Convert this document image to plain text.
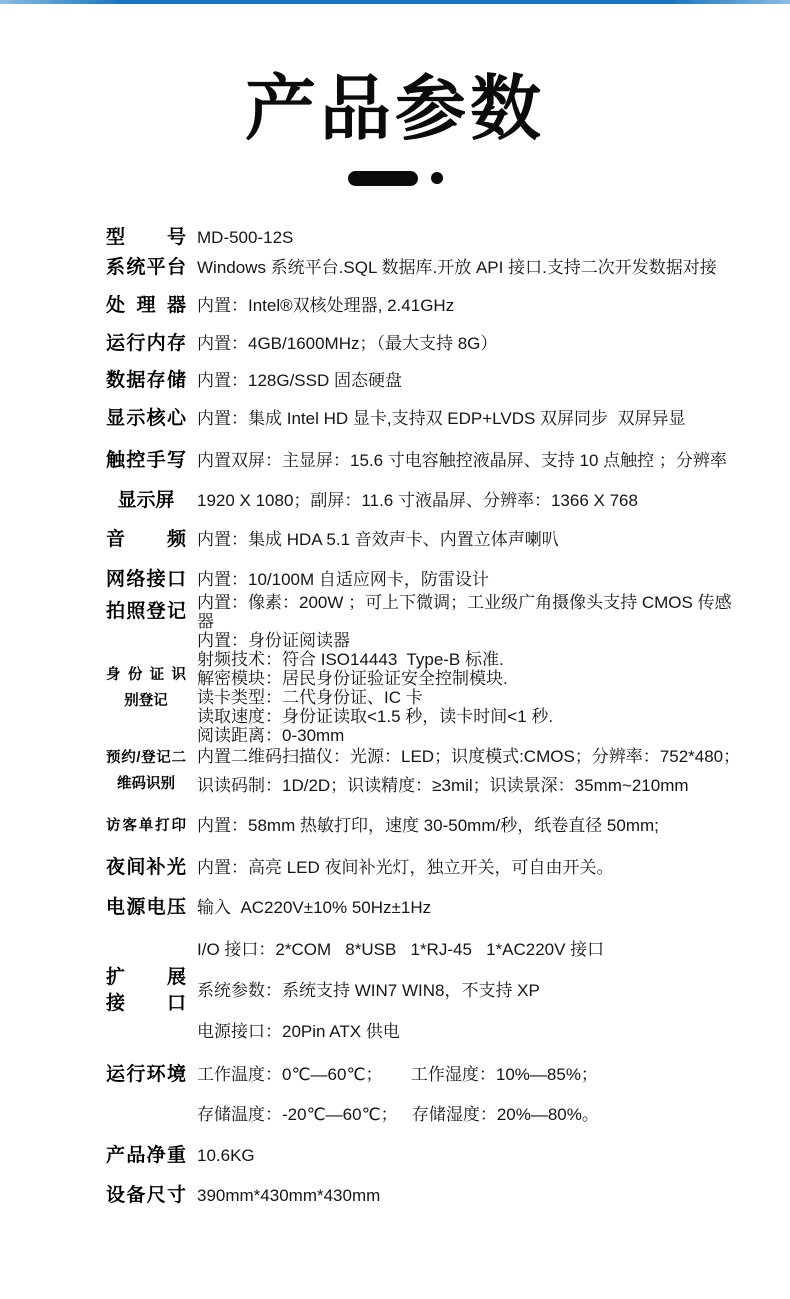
产品参数
型 号 MD-500-12S
系统平台 Windows 系统平台.SQL 数据库.开放 API 接口.支持二次开发数据对接
处 理 器 内置：Intel®双核处理器, 2.41GHz
运行内存 内置：4GB/1600MHz；（最大支持 8G）
数据存储 内置：128G/SSD 固态硬盘
显示核心 内置：集成 Intel HD 显卡,支持双 EDP+LVDS 双屏同步  双屏异显
触控手写 内置双屏：主显屏：15.6 寸电容触控液晶屏、支持 10 点触控 ；分辨率
显示屏	1920 X 1080；副屏：11.6 寸液晶屏、分辨率：1366 X 768
音 频 内置：集成 HDA 5.1 音效声卡、内置立体声喇叭
网络接口 内置：10/100M 自适应网卡，防雷设计
拍照登记 内置：像素：200W ；可上下微调；工业级广角摄像头支持 CMOS 传感
器
身份证识
别登记
内置：身份证阅读器
射频技术：符合 ISO14443  Type-B 标准.
解密模块：居民身份证验证安全控制模块.
读卡类型：二代身份证、IC 卡
读取速度：身份证读取<1.5 秒，读卡时间<1 秒.
阅读距离：0-30mm
预约/登记二
维码识别
内置二维码扫描仪：光源：LED；识度模式:CMOS；分辨率：752*480；
识读码制：1D/2D；识读精度：≥3mil；识读景深：35mm~210mm
访客单打印 内置：58mm 热敏打印，速度 30-50mm/秒，纸卷直径 50mm;
夜间补光 内置：高亮 LED 夜间补光灯，独立开关，可自由开关。
电源电压 输入  AC220V±10% 50Hz±1Hz
扩 展
接 口
I/O 接口：2*COM   8*USB   1*RJ-45   1*AC220V 接口
系统参数：系统支持 WIN7 WIN8，不支持 XP
电源接口：20Pin ATX 供电
运行环境 工作温度：0℃—60℃；      工作湿度：10%—85%；
存储温度：-20℃—60℃；   存储湿度：20%—80%。
产品净重 10.6KG
设备尺寸 390mm*430mm*430mm
